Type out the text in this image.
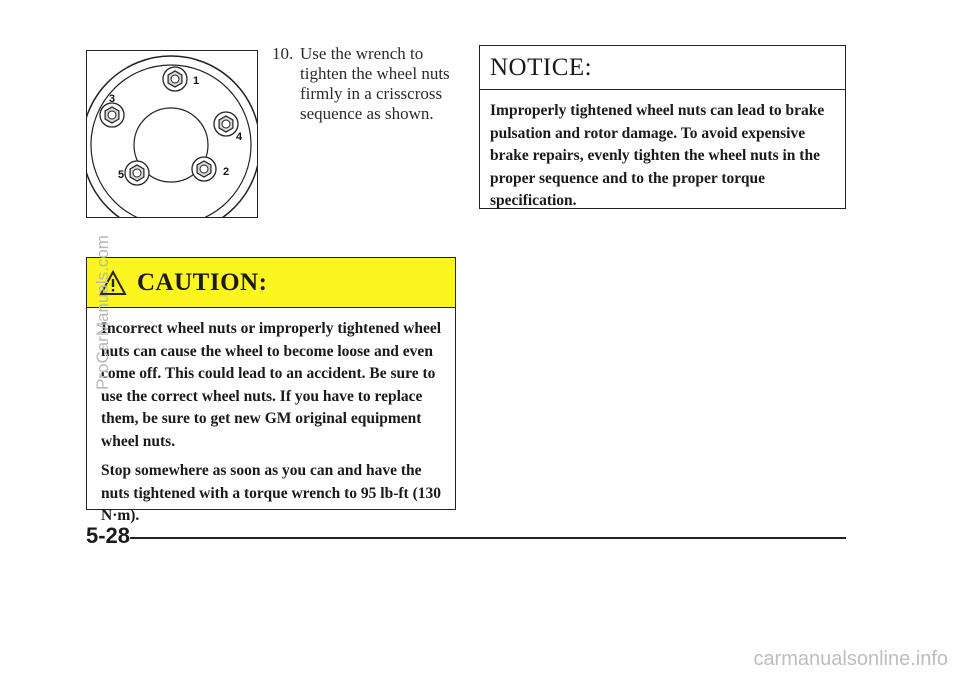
1
2
3
4
5
10. Use the wrench to tighten the wheel nuts firmly in a crisscross sequence as shown.
NOTICE:
Improperly tightened wheel nuts can lead to brake pulsation and rotor damage. To avoid expensive brake repairs, evenly tighten the wheel nuts in the proper sequence and to the proper torque specification.
CAUTION:

Incorrect wheel nuts or improperly tightened wheel nuts can cause the wheel to become loose and even come off. This could lead to an accident. Be sure to use the correct wheel nuts. If you have to replace them, be sure to get new GM original equipment wheel nuts.

Stop somewhere as soon as you can and have the nuts tightened with a torque wrench to 95 lb-ft (130 N·m).

5-28
ProCarManuals.com
carmanualsonline.info
